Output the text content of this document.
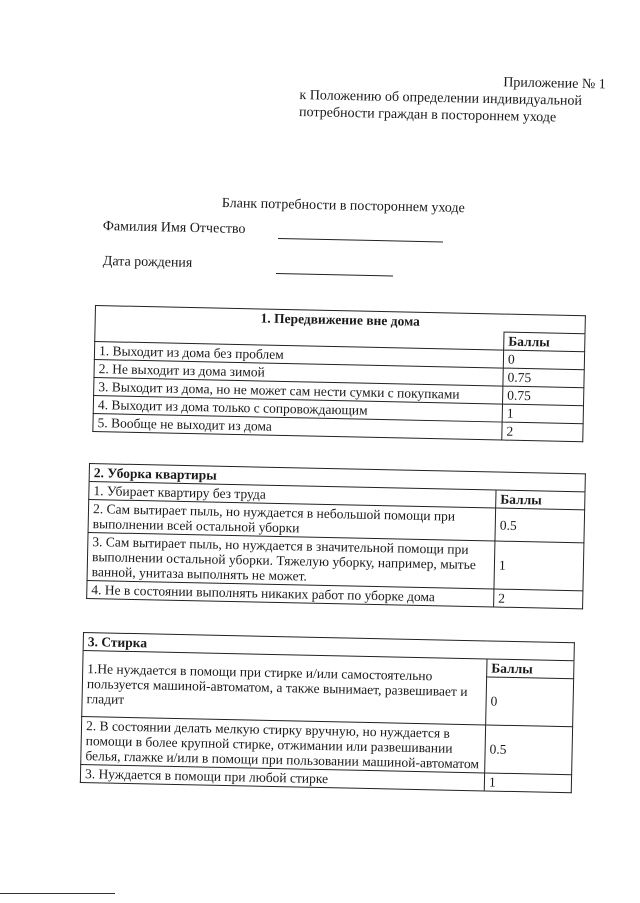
Приложение № 1
к Положению об определении индивидуальной
потребности граждан в постороннем уходе
Бланк потребности в постороннем уходе
Фамилия Имя Отчество
Дата рождения
1. Передвижение вне дома	
	Баллы
1. Выходит из дома без проблем	0
2. Не выходит из дома зимой	0.75
3. Выходит из дома, но не может сам нести сумки с покупками	0.75
4. Выходит из дома только с сопровождающим	1
5. Вообще не выходит из дома	2
2. Уборка квартиры	
1. Убирает квартиру без труда	Баллы
2. Сам вытирает пыль, но нуждается в небольшой помощи при выполнении всей остальной уборки	0.5
3. Сам вытирает пыль, но нуждается в значительной помощи при выполнении остальной уборки. Тяжелую уборку, например, мытье ванной, унитаза выполнять не может.	1
4. Не в состоянии выполнять никаких работ по уборке дома	2
3. Стирка	
1.Не нуждается в помощи при стирке и/или самостоятельно пользуется машиной-автоматом, а также вынимает, развешивает и гладит	Баллы
	0
2. В состоянии делать мелкую стирку вручную, но нуждается в помощи в более крупной стирке, отжимании или развешивании белья, глажке и/или в помощи при пользовании машиной-автоматом	0.5
3. Нуждается в помощи при любой стирке	1
